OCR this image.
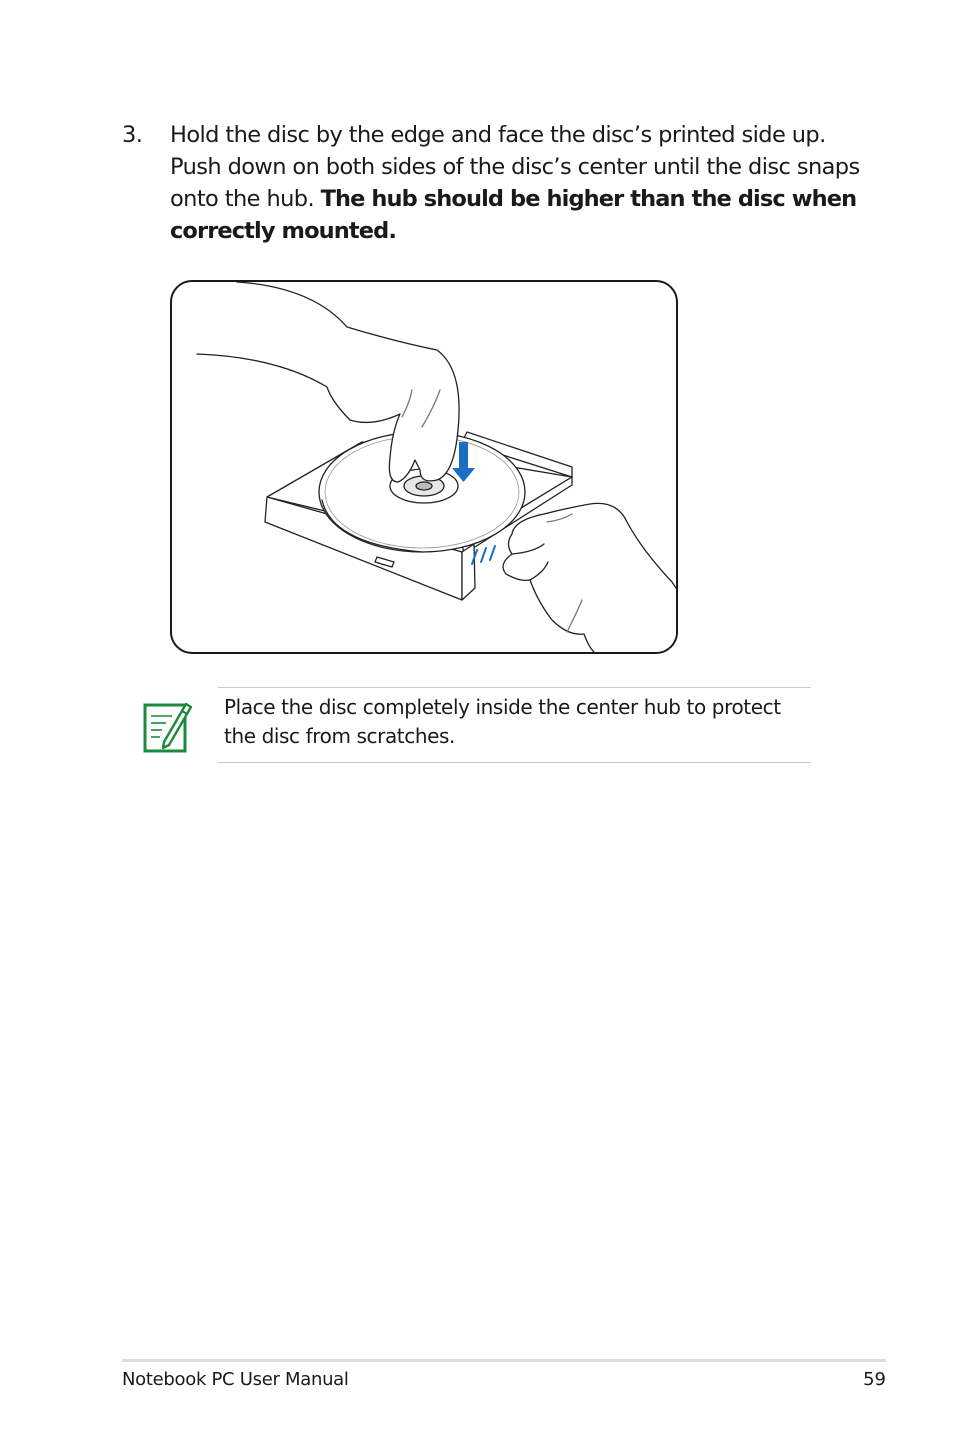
3. Hold the disc by the edge and face the disc’s printed side up. Push down on both sides of the disc’s center until the disc snaps onto the hub. The hub should be higher than the disc when correctly mounted.
Place the disc completely inside the center hub to protect the disc from scratches.
Notebook PC User Manual	59
